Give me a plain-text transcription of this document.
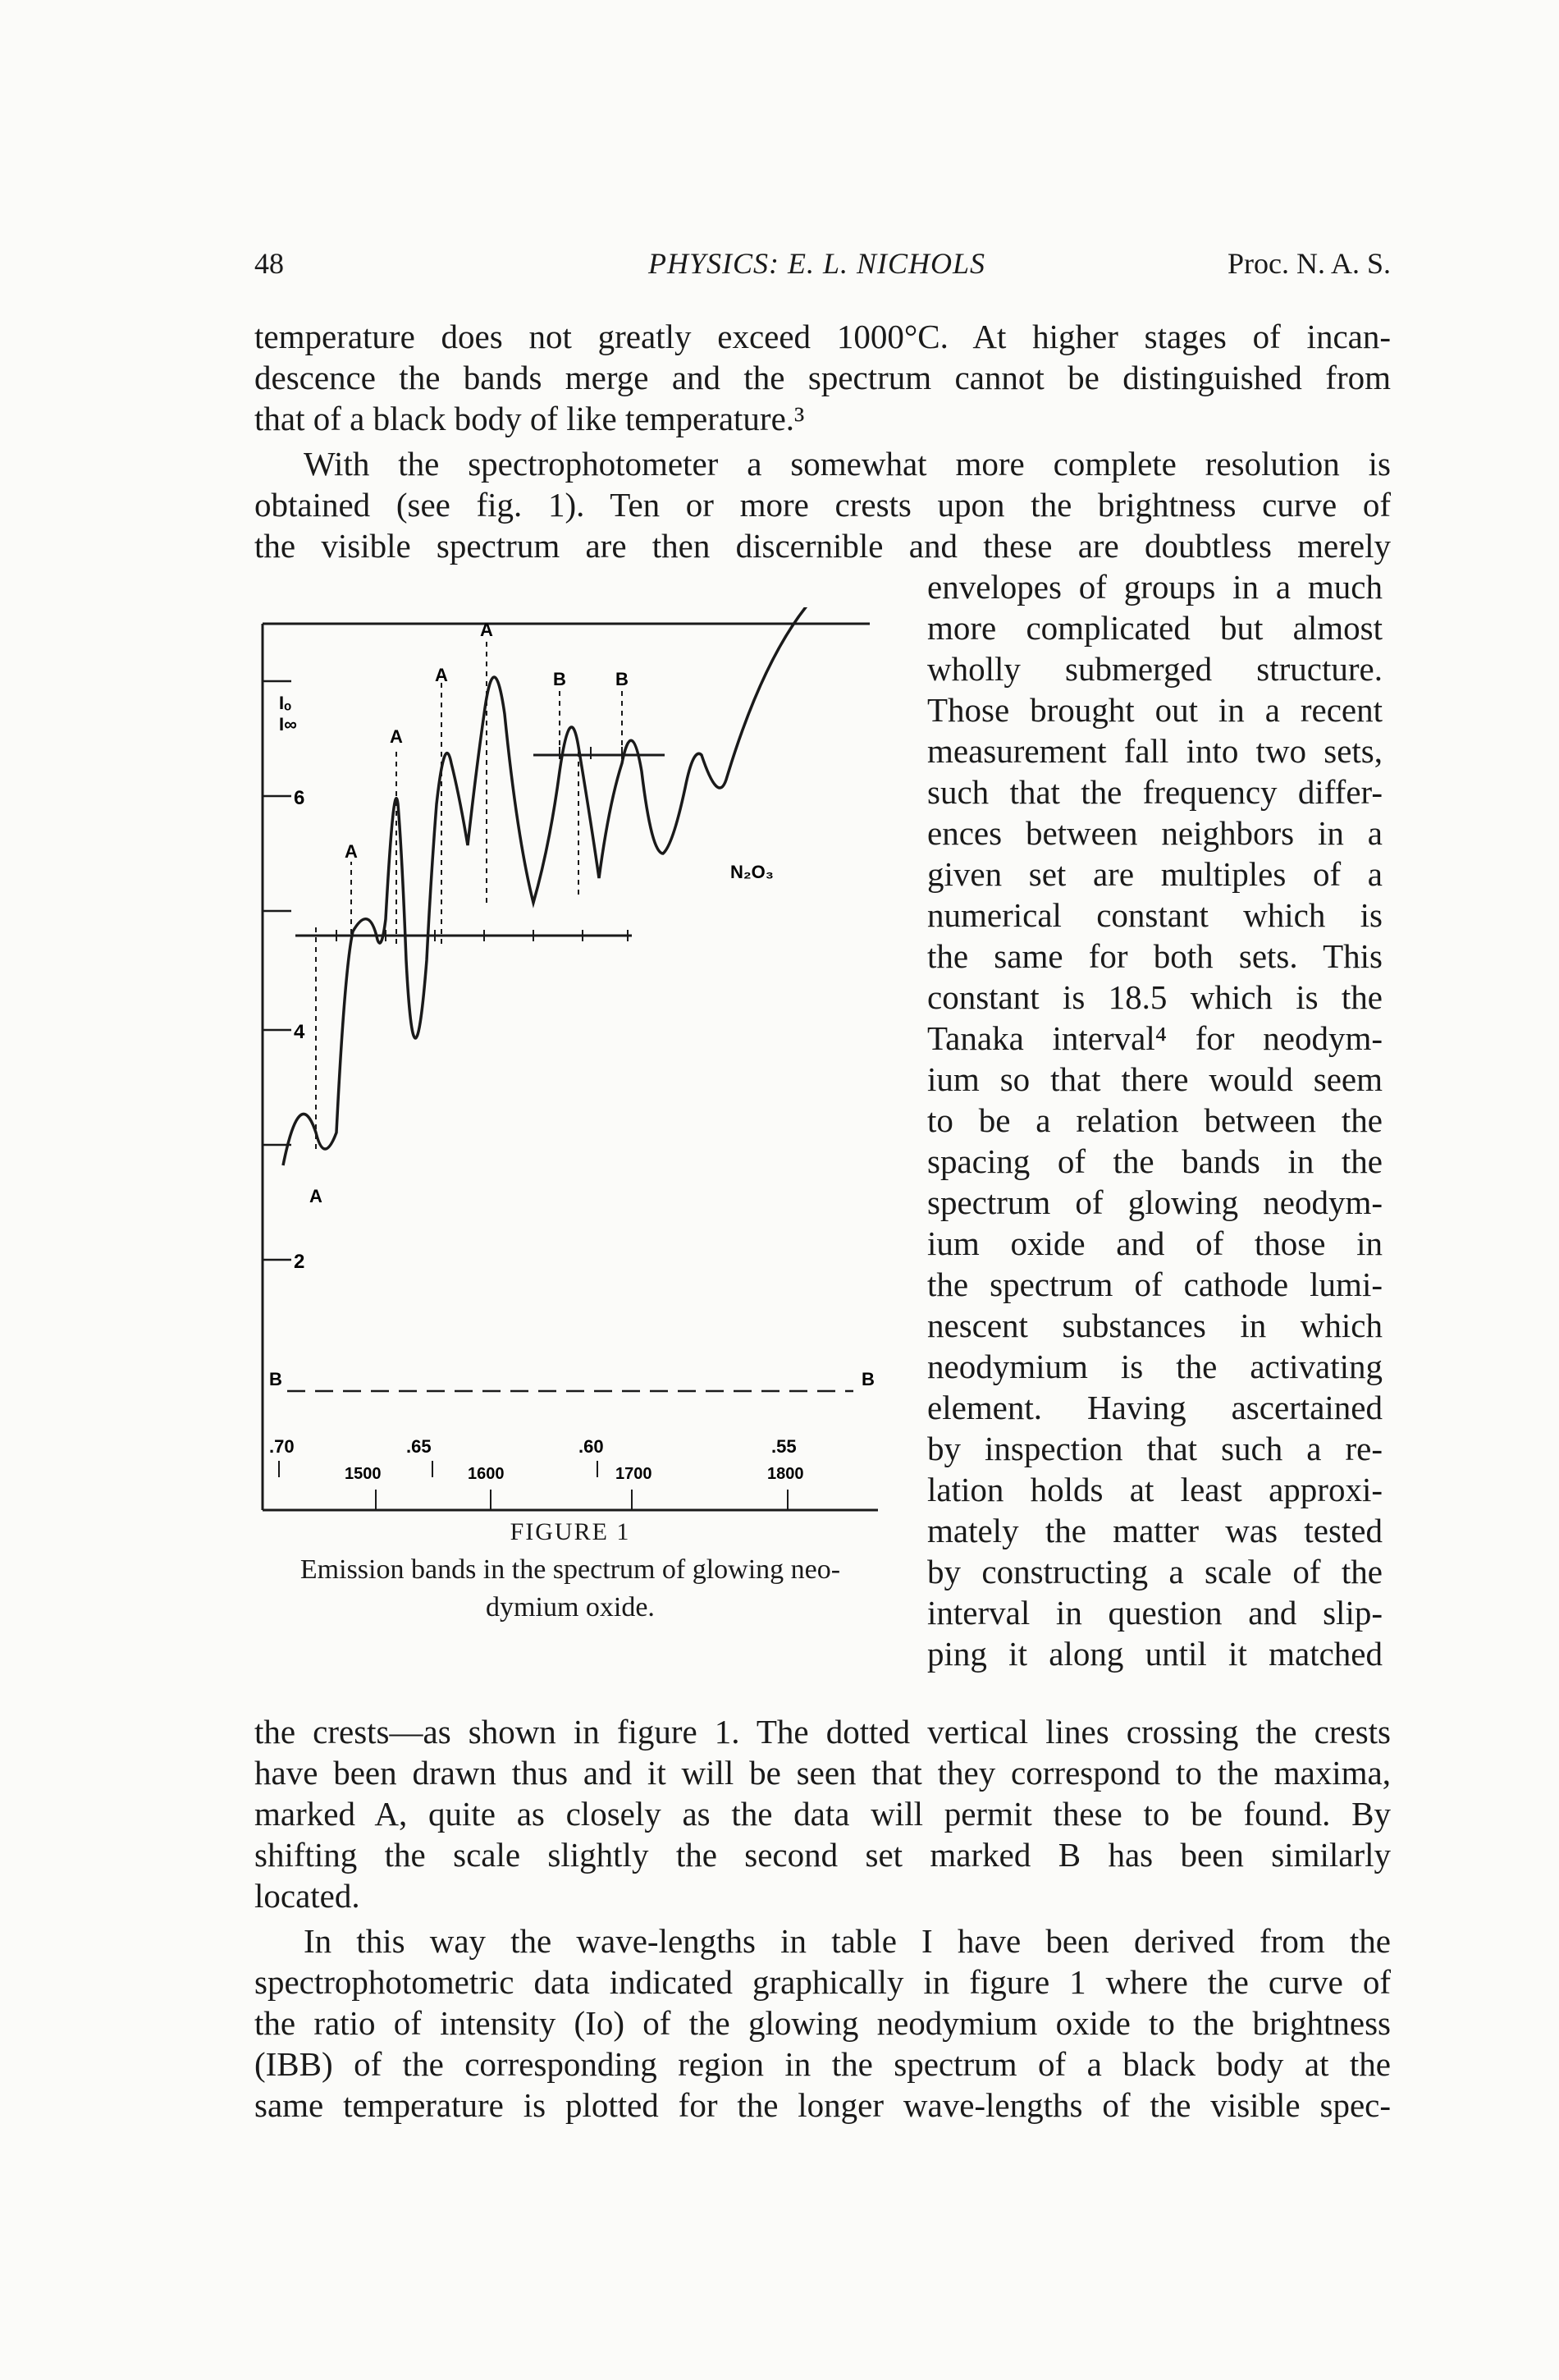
48	PHYSICS: E. L. NICHOLS	Proc. N. A. S.
temperature does not greatly exceed 1000°C. At higher stages of incan-
descence the bands merge and the spectrum cannot be distinguished from
that of a black body of like temperature.³
With the spectrophotometer a somewhat more complete resolution is
obtained (see fig. 1). Ten or more crests upon the brightness curve of
the visible spectrum are then discernible and these are doubtless merely
envelopes of groups in a much
more complicated but almost
wholly submerged structure.
Those brought out in a recent
measurement fall into two sets,
such that the frequency differ-
ences between neighbors in a
given set are multiples of a
numerical constant which is
the same for both sets. This
constant is 18.5 which is the
Tanaka interval⁴ for neodym-
ium so that there would seem
to be a relation between the
spacing of the bands in the
spectrum of glowing neodym-
ium oxide and of those in
the spectrum of cathode lumi-
nescent substances in which
neodymium is the activating
element. Having ascertained
by inspection that such a re-
lation holds at least approxi-
mately the matter was tested
by constructing a scale of the
interval in question and slip-
ping it along until it matched
Iₒ
I∞
6
4
2
A
A
A
A
A
B	B
N₂O₃
B	B
.70	.65	.60	.55
1500	1600	1700	1800
FIGURE 1
Emission bands in the spectrum of glowing neo-
dymium oxide.
the crests—as shown in figure 1. The dotted vertical lines crossing the crests
have been drawn thus and it will be seen that they correspond to the maxima,
marked A, quite as closely as the data will permit these to be found. By
shifting the scale slightly the second set marked B has been similarly
located.
In this way the wave-lengths in table I have been derived from the
spectrophotometric data indicated graphically in figure 1 where the curve of
the ratio of intensity (Io) of the glowing neodymium oxide to the brightness
(IBB) of the corresponding region in the spectrum of a black body at the
same temperature is plotted for the longer wave-lengths of the visible spec-
